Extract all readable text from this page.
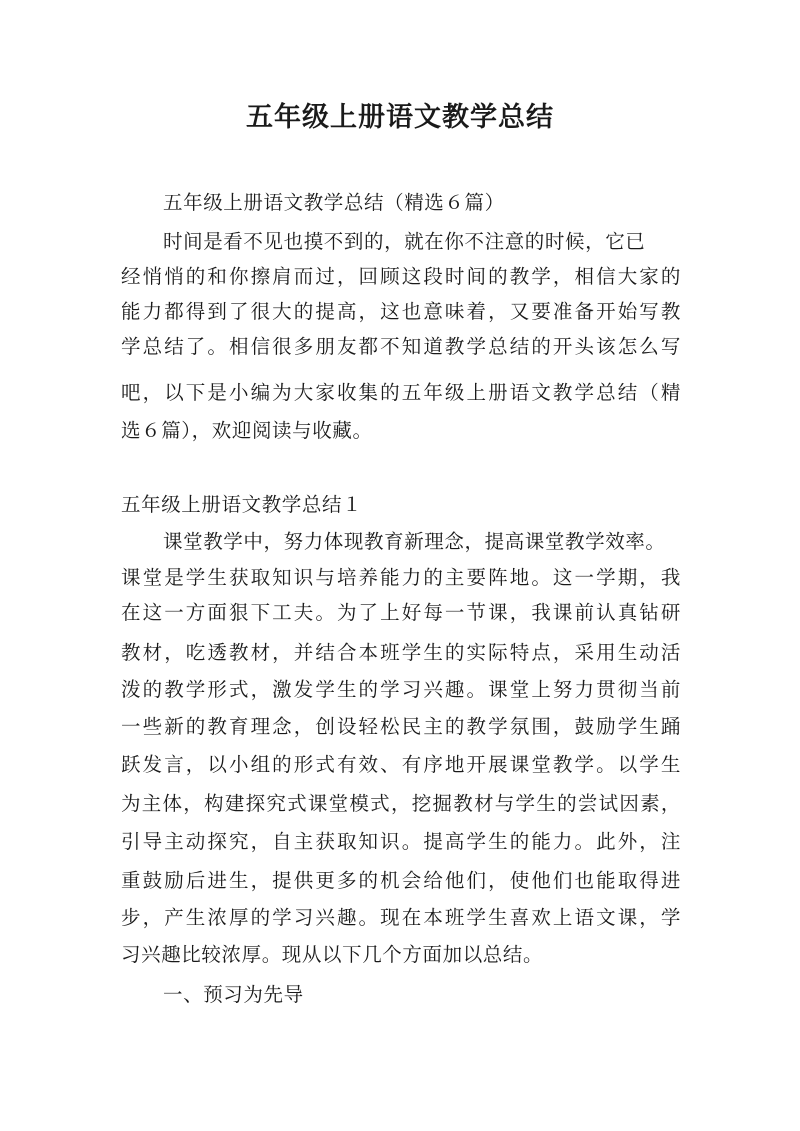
五年级上册语文教学总结
五年级上册语文教学总结（精选６篇）
时间是看不见也摸不到的，就在你不注意的时候，它已
经悄悄的和你擦肩而过，回顾这段时间的教学，相信大家的
能力都得到了很大的提高，这也意味着，又要准备开始写教
学总结了。相信很多朋友都不知道教学总结的开头该怎么写
吧，以下是小编为大家收集的五年级上册语文教学总结（精
选６篇），欢迎阅读与收藏。
五年级上册语文教学总结１
课堂教学中，努力体现教育新理念，提高课堂教学效率。
课堂是学生获取知识与培养能力的主要阵地。这一学期，我
在这一方面狠下工夫。为了上好每一节课，我课前认真钻研
教材，吃透教材，并结合本班学生的实际特点，采用生动活
泼的教学形式，激发学生的学习兴趣。课堂上努力贯彻当前
一些新的教育理念，创设轻松民主的教学氛围，鼓励学生踊
跃发言，以小组的形式有效、有序地开展课堂教学。以学生
为主体，构建探究式课堂模式，挖掘教材与学生的尝试因素，
引导主动探究，自主获取知识。提高学生的能力。此外，注
重鼓励后进生，提供更多的机会给他们，使他们也能取得进
步，产生浓厚的学习兴趣。现在本班学生喜欢上语文课，学
习兴趣比较浓厚。现从以下几个方面加以总结。
一、预习为先导
